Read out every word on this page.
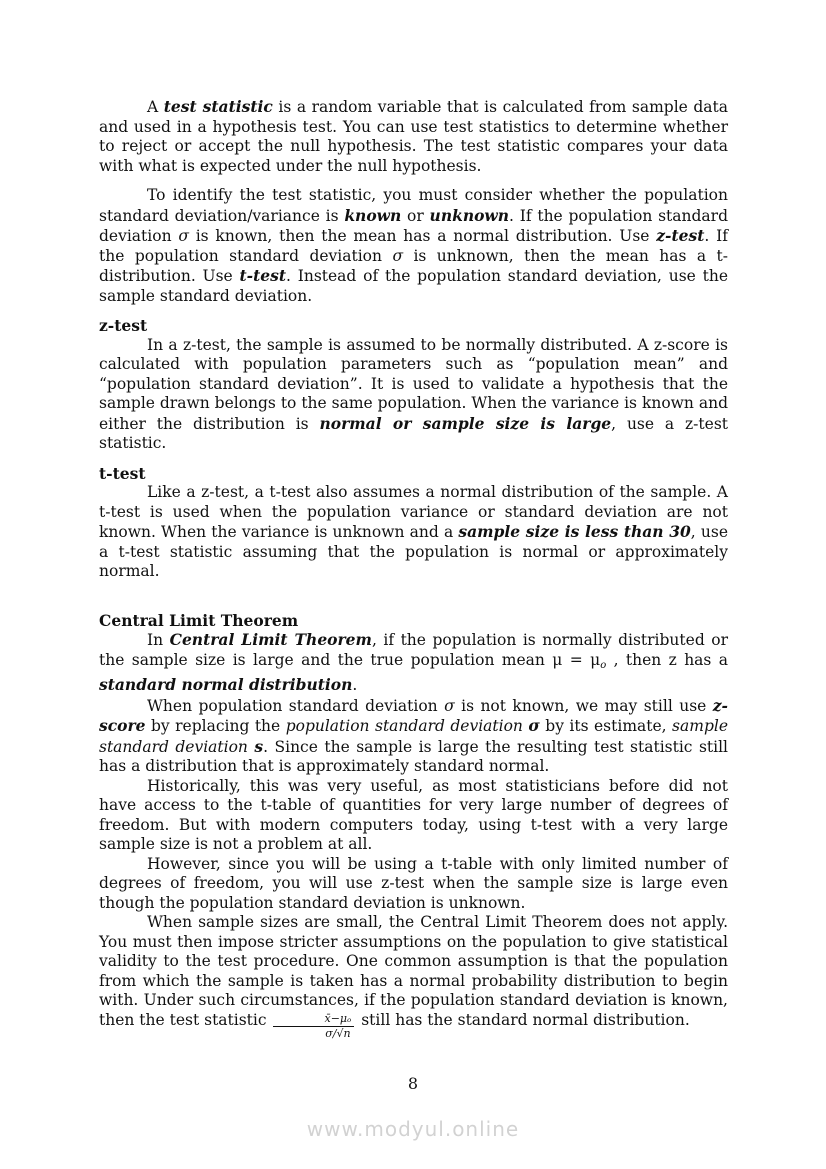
A test statistic is a random variable that is calculated from sample data and used in a hypothesis test. You can use test statistics to determine whether to reject or accept the null hypothesis. The test statistic compares your data with what is expected under the null hypothesis.

To identify the test statistic, you must consider whether the population standard deviation/variance is known or unknown. If the population standard deviation σ is known, then the mean has a normal distribution. Use z-test. If the population standard deviation σ is unknown, then the mean has a t- distribution. Use t-test. Instead of the population standard deviation, use the sample standard deviation.

z-test

In a z-test, the sample is assumed to be normally distributed. A z-score is calculated with population parameters such as “population mean” and “population standard deviation”. It is used to validate a hypothesis that the sample drawn belongs to the same population. When the variance is known and either the distribution is normal or sample size is large, use a z-test statistic.

t-test

Like a z-test, a t-test also assumes a normal distribution of the sample. A t-test is used when the population variance or standard deviation are not known. When the variance is unknown and a sample size is less than 30, use a t-test statistic assuming that the population is normal or approximately normal.

Central Limit Theorem

In Central Limit Theorem, if the population is normally distributed or the sample size is large and the true population mean μ = μo , then z has a standard normal distribution.

When population standard deviation σ is not known, we may still use z-score by replacing the population standard deviation σ by its estimate, sample standard deviation s. Since the sample is large the resulting test statistic still has a distribution that is approximately standard normal.

Historically, this was very useful, as most statisticians before did not have access to the t-table of quantities for very large number of degrees of freedom. But with modern computers today, using t-test with a very large sample size is not a problem at all.

However, since you will be using a t-table with only limited number of degrees of freedom, you will use z-test when the sample size is large even though the population standard deviation is unknown.

When sample sizes are small, the Central Limit Theorem does not apply. You must then impose stricter assumptions on the population to give statistical validity to the test procedure. One common assumption is that the population from which the sample is taken has a normal probability distribution to begin with. Under such circumstances, if the population standard deviation is known, then the test statistic $\frac{\text{x̄−μₒ}}{\sigma/√n}$ still has the standard normal distribution.

8
www.modyul.online
